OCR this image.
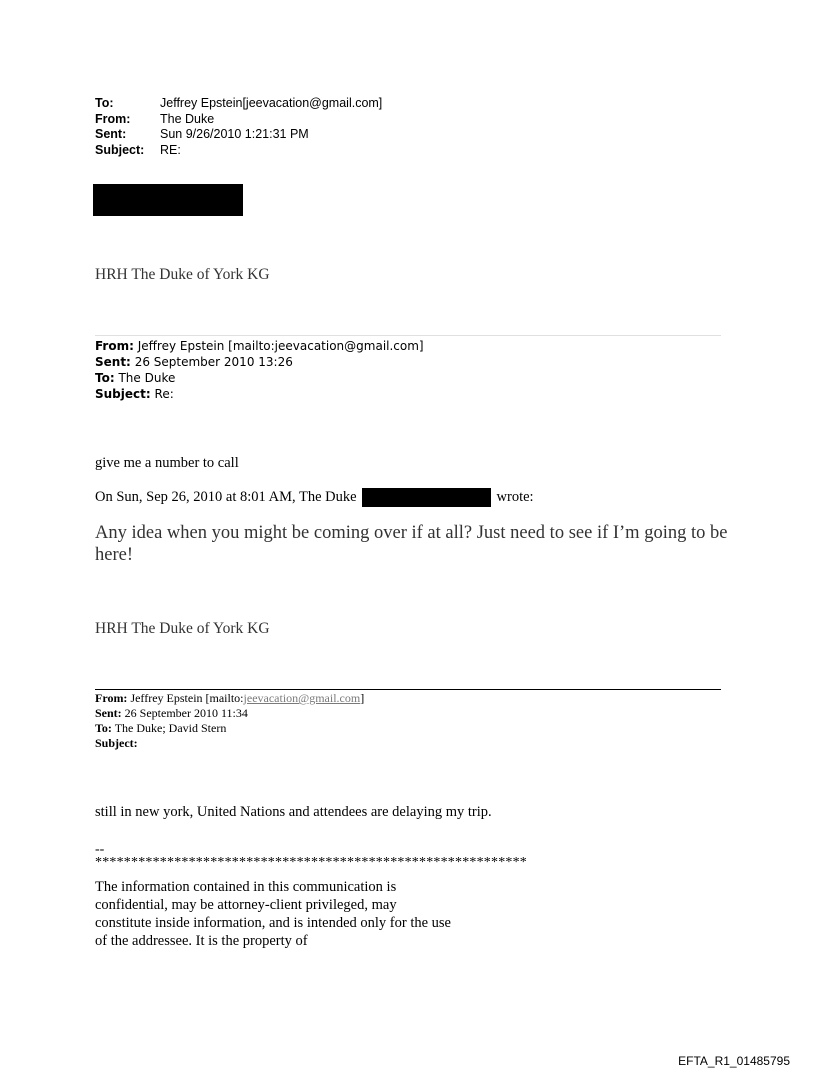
To:	Jeffrey Epstein[jeevacation@gmail.com]
From:	The Duke
Sent:	Sun 9/26/2010 1:21:31 PM
Subject:	RE:
HRH The Duke of York KG
From: Jeffrey Epstein [mailto:jeevacation@gmail.com]
Sent: 26 September 2010 13:26
To: The Duke
Subject: Re:
give me a number to call
On Sun, Sep 26, 2010 at 8:01 AM, The Duke	wrote:
Any idea when you might be coming over if at all? Just need to see if I’m going to be here!
HRH The Duke of York KG
From: Jeffrey Epstein [mailto:jeevacation@gmail.com]
Sent: 26 September 2010 11:34
To: The Duke; David Stern
Subject:
still in new york, United Nations and attendees are delaying my trip.
--
************************************************************
The information contained in this communication is confidential, may be attorney-client privileged, may constitute inside information, and is intended only for the use of the addressee. It is the property of
EFTA_R1_01485795
